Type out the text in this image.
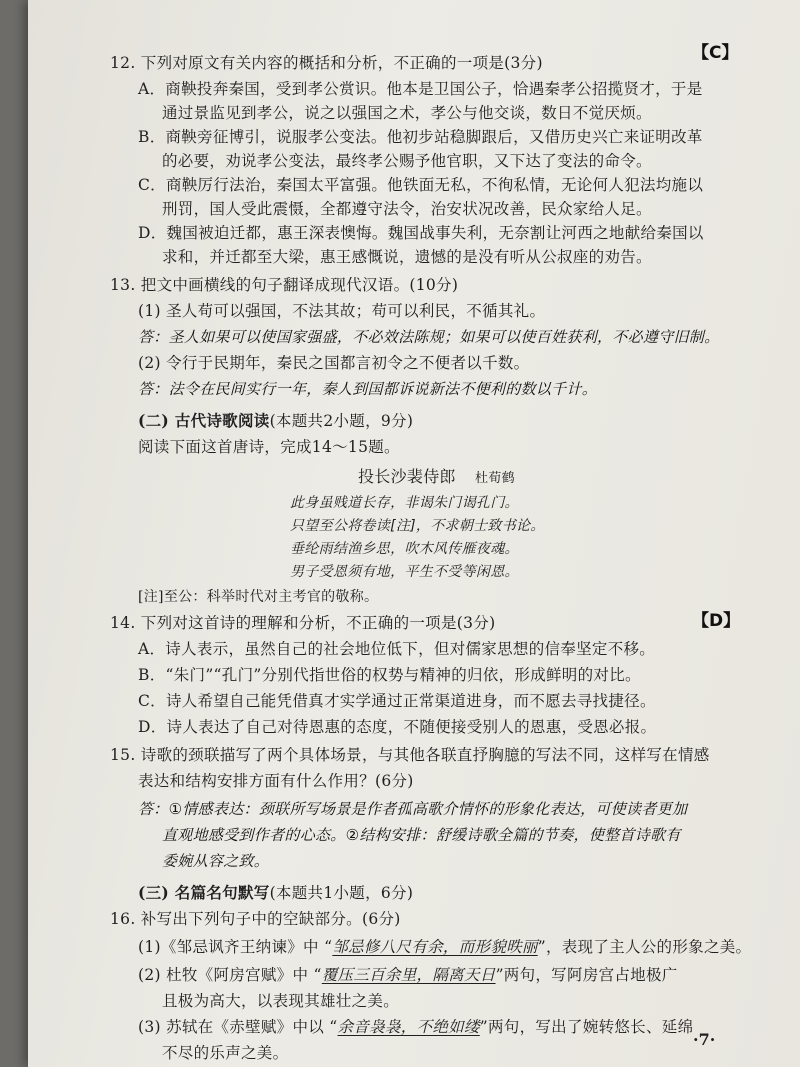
12. 下列对原文有关内容的概括和分析，不正确的一项是(3分)	【C】
A．商鞅投奔秦国，受到孝公赏识。他本是卫国公子，恰遇秦孝公招揽贤才，于是
通过景监见到孝公，说之以强国之术，孝公与他交谈，数日不觉厌烦。
B．商鞅旁征博引，说服孝公变法。他初步站稳脚跟后，又借历史兴亡来证明改革
的必要，劝说孝公变法，最终孝公赐予他官职，又下达了变法的命令。
C．商鞅厉行法治，秦国太平富强。他铁面无私，不徇私情，无论何人犯法均施以
刑罚，国人受此震慑，全都遵守法令，治安状况改善，民众家给人足。
D．魏国被迫迁都，惠王深表懊悔。魏国战事失利，无奈割让河西之地献给秦国以
求和，并迁都至大梁，惠王感慨说，遗憾的是没有听从公叔座的劝告。
13. 把文中画横线的句子翻译成现代汉语。(10分)
(1) 圣人苟可以强国，不法其故；苟可以利民，不循其礼。
答：圣人如果可以使国家强盛，不必效法陈规；如果可以使百姓获利，不必遵守旧制。
(2) 令行于民期年，秦民之国都言初令之不便者以千数。
答：法令在民间实行一年，秦人到国都诉说新法不便利的数以千计。
(二) 古代诗歌阅读(本题共2小题，9分)
阅读下面这首唐诗，完成14～15题。
投长沙裴侍郎 杜荀鹤
此身虽贱道长存，非谒朱门谒孔门。
只望至公将卷读[注]，不求朝士致书论。
垂纶雨结渔乡思，吹木风传雁夜魂。
男子受恩须有地，平生不受等闲恩。
[注]至公：科举时代对主考官的敬称。
14. 下列对这首诗的理解和分析，不正确的一项是(3分)	【D】
A．诗人表示，虽然自己的社会地位低下，但对儒家思想的信奉坚定不移。
B．“朱门”“孔门”分别代指世俗的权势与精神的归依，形成鲜明的对比。
C．诗人希望自己能凭借真才实学通过正常渠道进身，而不愿去寻找捷径。
D．诗人表达了自己对待恩惠的态度，不随便接受别人的恩惠，受恩必报。
15. 诗歌的颈联描写了两个具体场景，与其他各联直抒胸臆的写法不同，这样写在情感
表达和结构安排方面有什么作用？(6分)
答：①情感表达：颈联所写场景是作者孤高歌介情怀的形象化表达，可使读者更加
直观地感受到作者的心态。②结构安排：舒缓诗歌全篇的节奏，使整首诗歌有
委婉从容之致。
(三) 名篇名句默写(本题共1小题，6分)
16. 补写出下列句子中的空缺部分。(6分)
(1)《邹忌讽齐王纳谏》中 “邹忌修八尺有余，而形貌昳丽”，表现了主人公的形象之美。
(2) 杜牧《阿房宫赋》中 “覆压三百余里，隔离天日”两句，写阿房宫占地极广
且极为高大，以表现其雄壮之美。
(3) 苏轼在《赤壁赋》中以 “余音袅袅，不绝如缕”两句，写出了婉转悠长、延绵
不尽的乐声之美。
·7·
